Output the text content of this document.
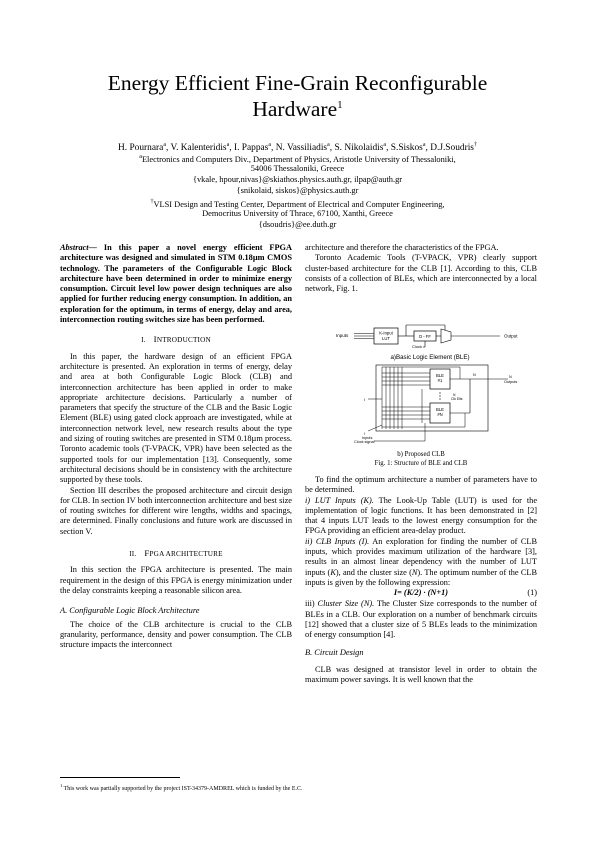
Energy Efficient Fine-Grain Reconfigurable
Hardware$^1$
H. Pournara$^a$, V. Kalenteridis$^a$, I. Pappas$^a$, N. Vassiliadis$^a$, S. Nikolaidis$^a$, S.Siskos$^a$, D.J.Soudris†
$^a$Electronics and Computers Div., Department of Physics, Aristotle University of Thessaloniki,
54006 Thessaloniki, Greece
{vkale, hpour,nivas}@skiathos.physics.auth.gr, ilpap@auth.gr
{snikolaid, siskos}@physics.auth.gr
†VLSI Design and Testing Center, Department of Electrical and Computer Engineering,
Democritus University of Thrace, 67100, Xanthi, Greece
{dsoudris}@ee.duth.gr

Abstract— In this paper a novel energy efficient FPGA architecture was designed and simulated in STM 0.18µm CMOS technology. The parameters of the Configurable Logic Block architecture have been determined in order to minimize energy consumption. Circuit level low power design techniques are also applied for further reducing energy consumption. In addition, an exploration for the optimum, in terms of energy, delay and area, interconnection routing switches size has been performed.

I. INTRODUCTION

In this paper, the hardware design of an efficient FPGA architecture is presented. An exploration in terms of energy, delay and area at both Configurable Logic Block (CLB) and interconnection architecture has been applied in order to make appropriate architecture decisions. Particularly a number of parameters that specify the structure of the CLB and the Basic Logic Element (BLE) using gated clock approach are investigated, while at interconnection network level, new research results about the type and sizing of routing switches are presented in STM 0.18µm process. Toronto academic tools (T-VPACK, VPR) have been selected as the supported tools for our implementation [13]. Consequently, some architectural decisions should be in consistency with the architecture supported by these tools.

Section III describes the proposed architecture and circuit design for CLB. In section IV both interconnection architecture and best size of routing switches for different wire lengths, widths and spacings, are determined. Finally conclusions and future work are discussed in section V.

II. FPGA ARCHITECTURE

In this section the FPGA architecture is presented. The main requirement in the design of this FPGA is energy minimization under the delay constraints keeping a reasonable silicon area.

A. Configurable Logic Block Architecture

The choice of the CLB architecture is crucial to the CLB granularity, performance, density and power consumption. The CLB structure impacts the interconnect

architecture and therefore the characteristics of the FPGA.

Toronto Academic Tools (T-VPACK, VPR) clearly support cluster-based architecture for the CLB [1]. According to this, CLB consists of a collection of BLEs, which are interconnected by a local network, Fig. 1.

Inputs	K-Input
LUT	D - FF	Output
Clock
a)Basic Logic Element (BLE)
BLE
#1
BLE
#N
N	N
Outputs
N
Clk Elts
I
I
Inputs
Clock signal
b) Proposed CLB
Fig. 1: Structure of BLE and CLB

To find the optimum architecture a number of parameters have to be determined.

i) LUT Inputs (K). The Look-Up Table (LUT) is used for the implementation of logic functions. It has been demonstrated in [2] that 4 inputs LUT leads to the lowest energy consumption for the FPGA providing an efficient area-delay product.

ii) CLB Inputs (I). An exploration for finding the number of CLB inputs, which provides maximum utilization of the hardware [3], results in an almost linear dependency with the number of LUT inputs (K), and the cluster size (N). The optimum number of the CLB inputs is given by the following expression:

I= (K/2) · (N+1)	(1)

iii) Cluster Size (N). The Cluster Size corresponds to the number of BLEs in a CLB. Our exploration on a number of benchmark circuits [12] showed that a cluster size of 5 BLEs leads to the minimization of energy consumption [4].

B. Circuit Design

CLB was designed at transistor level in order to obtain the maximum power savings. It is well known that the

$^1$ This work was partially supported by the project IST-34379-AMDREL which is funded by the E.C.
